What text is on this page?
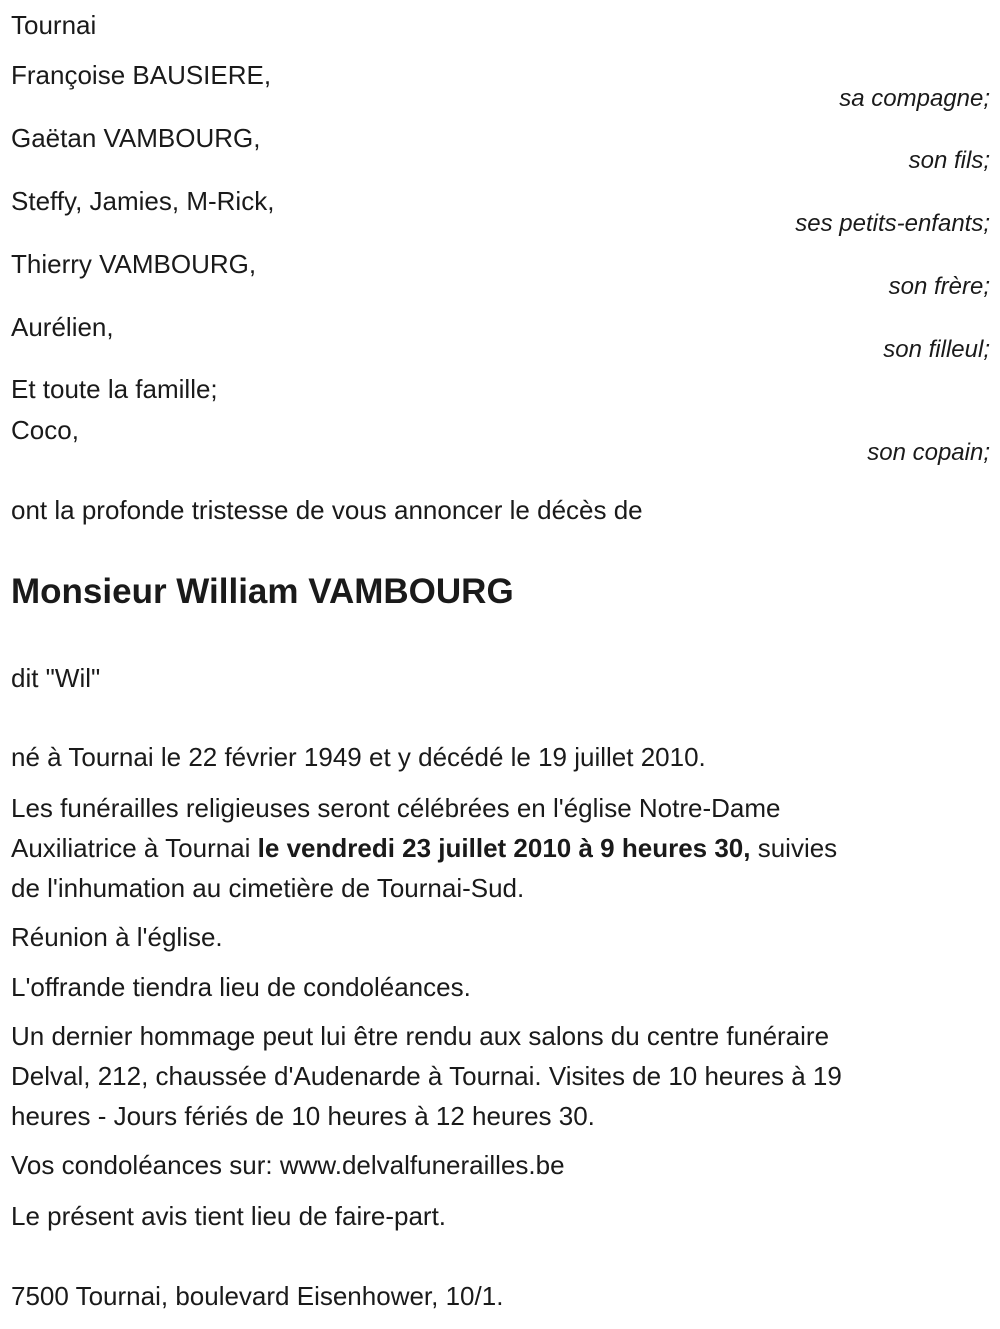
Tournai
Françoise BAUSIERE,
sa compagne;
Gaëtan VAMBOURG,
son fils;
Steffy, Jamies, M-Rick,
ses petits-enfants;
Thierry VAMBOURG,
son frère;
Aurélien,
son filleul;
Et toute la famille;
Coco,
son copain;
ont la profonde tristesse de vous annoncer le décès de
Monsieur William VAMBOURG
dit "Wil"
né à Tournai le 22 février 1949 et y décédé le 19 juillet 2010.
Les funérailles religieuses seront célébrées en l'église Notre-Dame
Auxiliatrice à Tournai le vendredi 23 juillet 2010 à 9 heures 30, suivies
de l'inhumation au cimetière de Tournai-Sud.
Réunion à l'église.
L'offrande tiendra lieu de condoléances.
Un dernier hommage peut lui être rendu aux salons du centre funéraire
Delval, 212, chaussée d'Audenarde à Tournai. Visites de 10 heures à 19
heures - Jours fériés de 10 heures à 12 heures 30.
Vos condoléances sur: www.delvalfunerailles.be
Le présent avis tient lieu de faire-part.
7500 Tournai, boulevard Eisenhower, 10/1.
